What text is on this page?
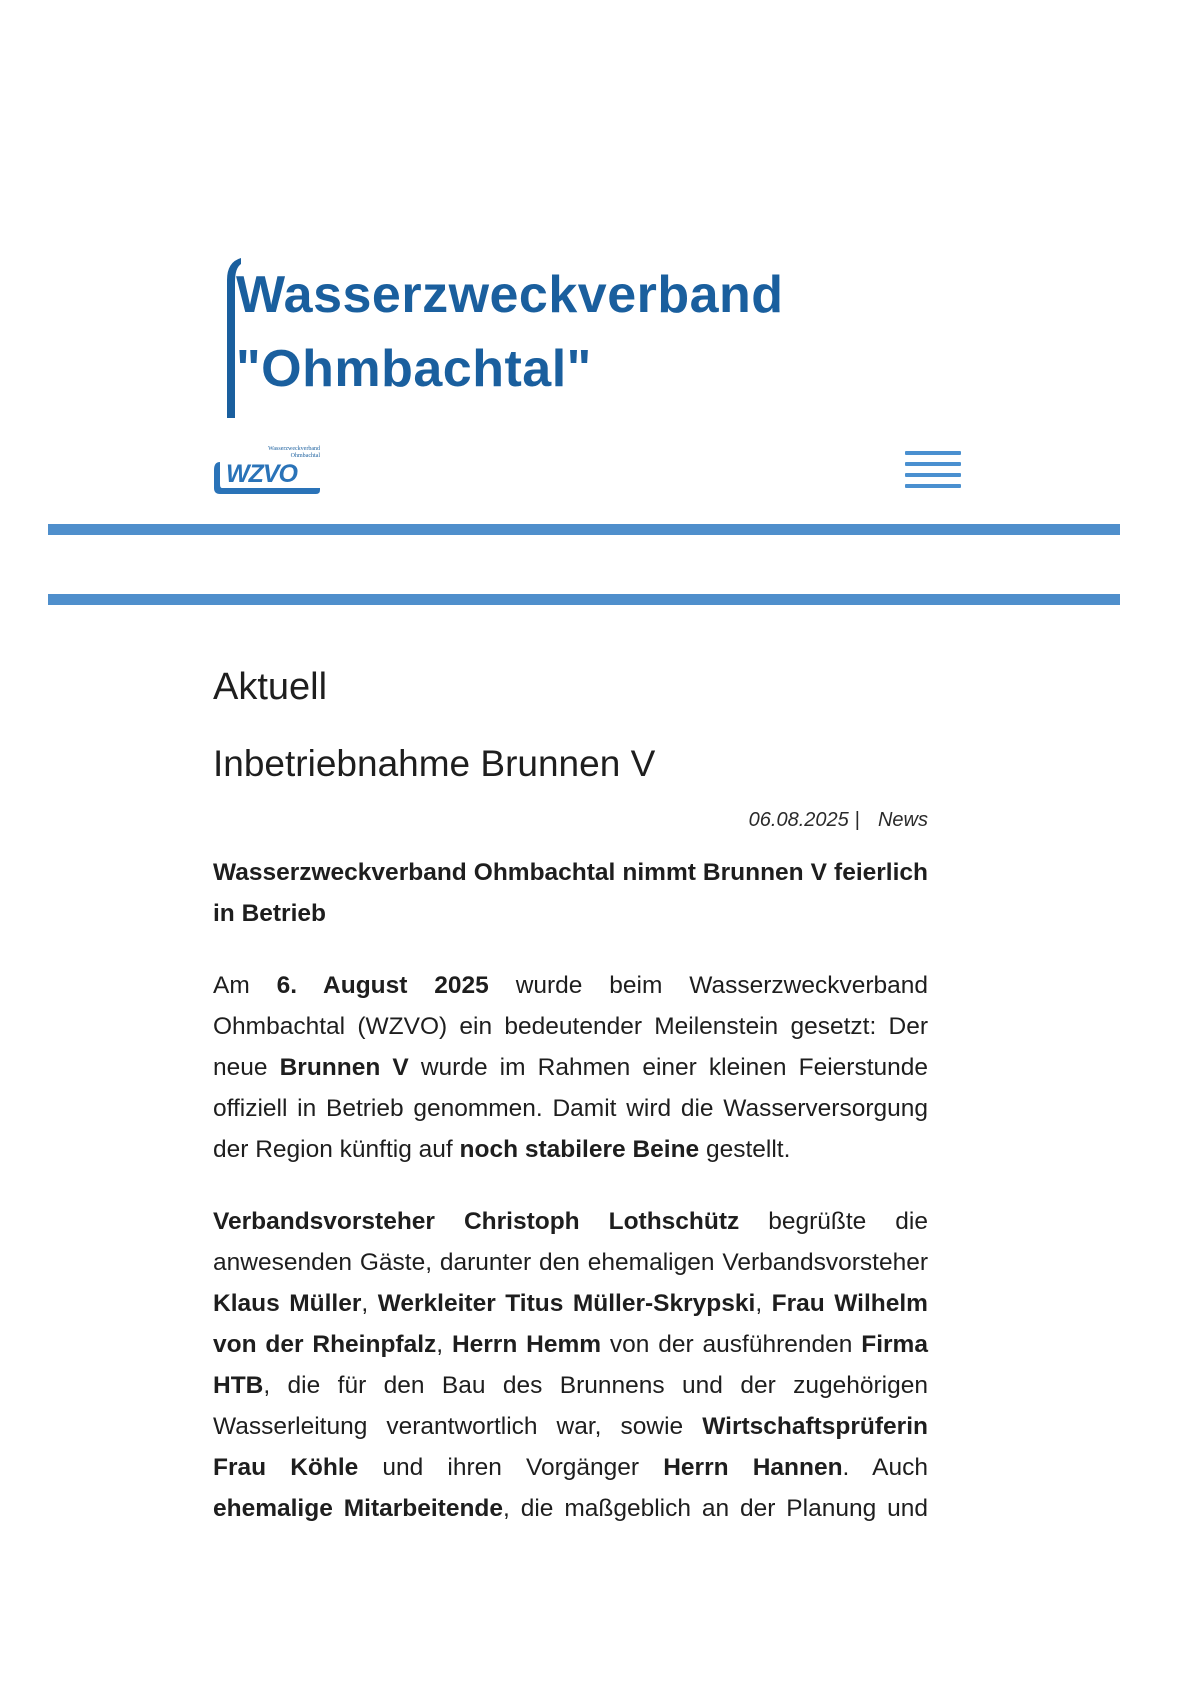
Wasserzweckverband
"Ohmbachtal"
Wasserzweckverband
Ohmbachtal
WZVO
Aktuell
Inbetriebnahme Brunnen V
06.08.2025 | News

Wasserzweckverband Ohmbachtal nimmt Brunnen V feierlich in Betrieb

Am 6. August 2025 wurde beim Wasserzweckverband Ohmbachtal (WZVO) ein bedeutender Meilenstein gesetzt: Der neue Brunnen V wurde im Rahmen einer kleinen Feierstunde offiziell in Betrieb genommen. Damit wird die Wasserversorgung der Region künftig auf noch stabilere Beine gestellt.

Verbandsvorsteher Christoph Lothschütz begrüßte die anwesenden Gäste, darunter den ehemaligen Verbandsvorsteher Klaus Müller, Werkleiter Titus Müller-Skrypski, Frau Wilhelm von der Rheinpfalz, Herrn Hemm von der ausführenden Firma HTB, die für den Bau des Brunnens und der zugehörigen Wasserleitung verantwortlich war, sowie Wirtschaftsprüferin Frau Köhle und ihren Vorgänger Herrn Hannen. Auch ehemalige Mitarbeitende, die maßgeblich an der Planung und
